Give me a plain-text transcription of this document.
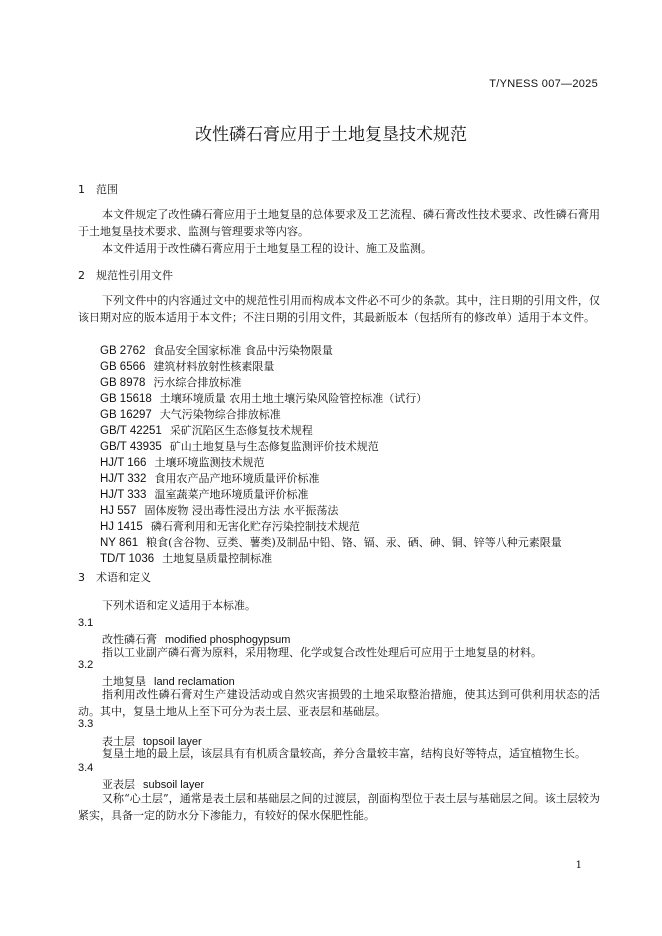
T/YNESS 007—2025
改性磷石膏应用于土地复垦技术规范
1 范围
本文件规定了改性磷石膏应用于土地复垦的总体要求及工艺流程、磷石膏改性技术要求、改性磷石膏用于土地复垦技术要求、监测与管理要求等内容。
本文件适用于改性磷石膏应用于土地复垦工程的设计、施工及监测。
2 规范性引用文件
下列文件中的内容通过文中的规范性引用而构成本文件必不可少的条款。其中，注日期的引用文件，仅该日期对应的版本适用于本文件；不注日期的引用文件，其最新版本（包括所有的修改单）适用于本文件。
GB 2762 食品安全国家标准 食品中污染物限量
GB 6566 建筑材料放射性核素限量
GB 8978 污水综合排放标准
GB 15618 土壤环境质量 农用土地土壤污染风险管控标准（试行）
GB 16297 大气污染物综合排放标准
GB/T 42251 采矿沉陷区生态修复技术规程
GB/T 43935 矿山土地复垦与生态修复监测评价技术规范
HJ/T 166 土壤环境监测技术规范
HJ/T 332 食用农产品产地环境质量评价标准
HJ/T 333 温室蔬菜产地环境质量评价标准
HJ 557 固体废物 浸出毒性浸出方法 水平振荡法
HJ 1415 磷石膏利用和无害化贮存污染控制技术规范
NY 861 粮食(含谷物、豆类、薯类)及制品中铅、铬、镉、汞、硒、砷、铜、锌等八种元素限量
TD/T 1036 土地复垦质量控制标准
3 术语和定义
下列术语和定义适用于本标准。
3.1
改性磷石膏 modified phosphogypsum
指以工业副产磷石膏为原料，采用物理、化学或复合改性处理后可应用于土地复垦的材料。
3.2
土地复垦 land reclamation
指利用改性磷石膏对生产建设活动或自然灾害损毁的土地采取整治措施，使其达到可供利用状态的活动。其中，复垦土地从上至下可分为表土层、亚表层和基础层。
3.3
表土层 topsoil layer
复垦土地的最上层，该层具有有机质含量较高，养分含量较丰富，结构良好等特点，适宜植物生长。
3.4
亚表层 subsoil layer
又称“心土层”，通常是表土层和基础层之间的过渡层，剖面构型位于表土层与基础层之间。该土层较为紧实，具备一定的防水分下渗能力，有较好的保水保肥性能。
1
